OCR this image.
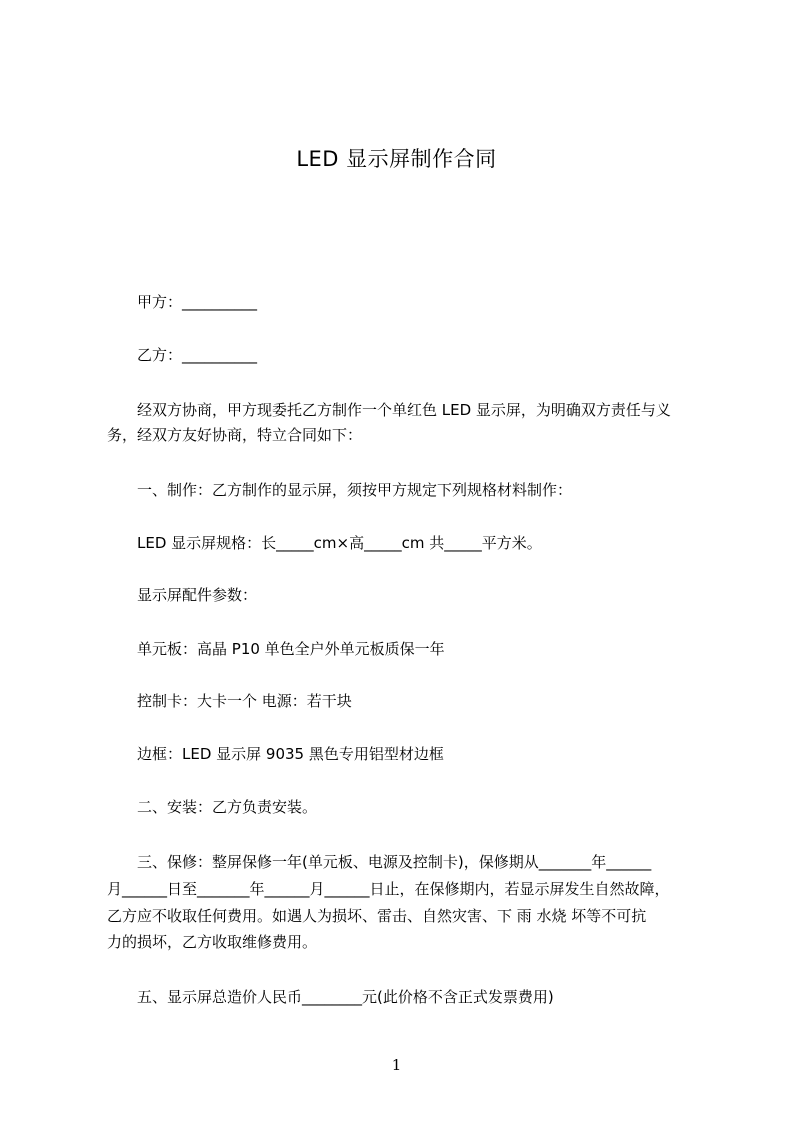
LED 显示屏制作合同
甲方：__________
乙方：__________
经双方协商，甲方现委托乙方制作一个单红色 LED 显示屏，为明确双方责任与义
务，经双方友好协商，特立合同如下：
一、制作：乙方制作的显示屏，须按甲方规定下列规格材料制作：
LED 显示屏规格：长_____cm×高_____cm 共_____平方米。
显示屏配件参数：
单元板：高晶 P10 单色全户外单元板质保一年
控制卡：大卡一个 电源：若干块
边框：LED 显示屏 9035 黑色专用铝型材边框
二、安装：乙方负责安装。
三、保修：整屏保修一年(单元板、电源及控制卡)，保修期从_______年______
月______日至_______年______月______日止，在保修期内，若显示屏发生自然故障，
乙方应不收取任何费用。如遇人为损坏、雷击、自然灾害、下 雨 水烧 坏等不可抗
力的损坏，乙方收取维修费用。
五、显示屏总造价人民币________元(此价格不含正式发票费用)
1
